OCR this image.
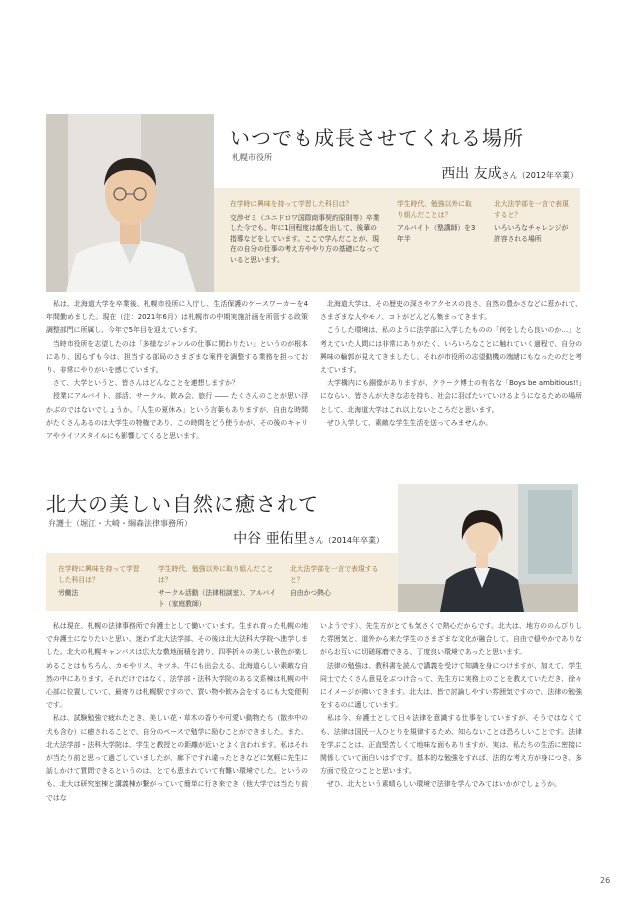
いつでも成長させてくれる場所
札幌市役所
西出 友成さん（2012年卒業）
在学時に興味を持って学習した科目は？
交渉ゼミ（ユニドロワ国際商事契約原則等）卒業した今でも、年に1回程度は顔を出して、後輩の指導などをしています。ここで学んだことが、現在の自分の仕事の考え方ややり方の基礎になっていると思います。
学生時代、勉強以外に取り組んだことは？
アルバイト（塾講師）を3年半
北大法学部を一言で表現すると？
いろいろなチャレンジが許容される場所

　私は、北海道大学を卒業後、札幌市役所に入庁し、生活保護のケースワーカーを4年間勤めました。現在（注：2021年6月）は札幌市の中期実施計画を所管する政策調整部門に所属し、今年で5年目を迎えています。

　当時市役所を志望したのは「多様なジャンルの仕事に関わりたい」というのが根本にあり、図らずも今は、担当する部局のさまざまな案件を調整する業務を担っており、非常にやりがいを感じています。

　さて、大学というと、皆さんはどんなことを連想しますか？

　授業にアルバイト、部活、サークル、飲み会、旅行 ―― たくさんのことが思い浮かぶのではないでしょうか。「人生の夏休み」という言葉もありますが、自由な時間がたくさんあるのは大学生の特権であり、この時間をどう使うかが、その後のキャリアやライフスタイルにも影響してくると思います。

　北海道大学は、その歴史の深さやアクセスの良さ、自然の豊かさなどに惹かれて、さまざまな人やモノ、コトがどんどん集まってきます。

　こうした環境は、私のように法学部に入学したものの「何をしたら良いのか…」と考えていた人間には非常にありがたく、いろいろなことに触れていく過程で、自分の興味の輪郭が見えてきましたし、それが市役所の志望動機の端緒にもなったのだと考えています。

　大学構内にも銅像がありますが、クラーク博士の有名な「Boys be ambitious!!」にならい、皆さんが大きな志を持ち、社会に羽ばたいていけるようになるための場所として、北海道大学はこれ以上ないところだと思います。

　ぜひ入学して、素敵な学生生活を送ってみませんか。

北大の美しい自然に癒されて
弁護士（堀江・大崎・綱森法律事務所）
中谷 亜佑里さん（2014年卒業）
在学時に興味を持って学習した科目は？
労働法
学生時代、勉強以外に取り組んだことは？
サークル活動（法律相談室）、アルバイト（家庭教師）
北大法学部を一言で表現すると？
自由かつ熱心

　私は現在、札幌の法律事務所で弁護士として働いています。生まれ育った札幌の地で弁護士になりたいと思い、迷わず北大法学部、その後は北大法科大学院へ進学しました。北大の札幌キャンパスは広大な敷地面積を誇り、四季折々の美しい景色が楽しめることはもちろん、カモやリス、キツネ、牛にも出会える、北海道らしい素敵な自然の中にあります。それだけではなく、法学部・法科大学院のある文系棟は札幌の中心部に位置していて、最寄りは札幌駅ですので、買い物や飲み会をするにも大変便利です。

　私は、試験勉強で疲れたとき、美しい花・草木の香りや可愛い動物たち（散歩中の犬も含む）に癒されることで、自分のペースで勉学に励むことができました。また、北大法学部・法科大学院は、学生と教授との距離が近いとよく言われます。私はそれが当たり前と思って過ごしていましたが、廊下ですれ違ったときなどに気軽に先生に話しかけて質問できるというのは、とても恵まれていて有難い環境でした。というのも、北大は研究室棟と講義棟が繋がっていて簡単に行き来でき（他大学では当たり前ではな

いようです）、先生方がとても気さくで熱心だからです。北大は、地方ののんびりした雰囲気と、道外から来た学生のさまざまな文化が融合して、自由で穏やかでありながらお互いに切磋琢磨できる、丁度良い環境であったと思います。

　法律の勉強は、教科書を読んで講義を受けて知識を身につけますが、加えて、学生同士でたくさん意見をぶつけ合って、先生方に実務上のことを教えていただき、徐々にイメージが沸いてきます。北大は、皆で討論しやすい雰囲気ですので、法律の勉強をするのに適しています。

　私は今、弁護士として日々法律を意識する仕事をしていますが、そうではなくても、法律は国民一人ひとりを規律するため、知らないことは恐ろしいことです。法律を学ぶことは、正直堅苦しくて地味な面もありますが、実は、私たちの生活に密接に関係していて面白いはずです。基本的な勉強をすれば、法的な考え方が身につき、多方面で役立つことと思います。

　ぜひ、北大という素晴らしい環境で法律を学んでみてはいかがでしょうか。

26
